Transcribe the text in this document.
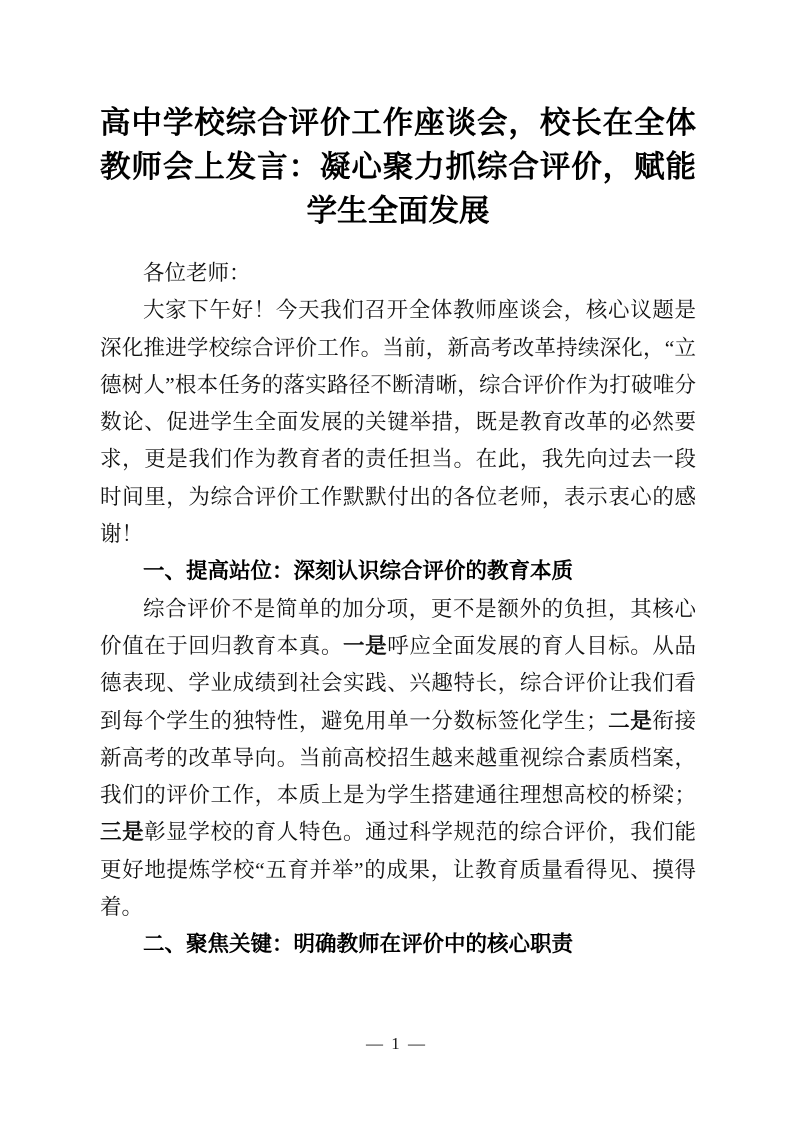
高中学校综合评价工作座谈会，校长在全体教师会上发言：凝心聚力抓综合评价，赋能学生全面发展

各位老师：

大家下午好！今天我们召开全体教师座谈会，核心议题是深化推进学校综合评价工作。当前，新高考改革持续深化，“立德树人”根本任务的落实路径不断清晰，综合评价作为打破唯分数论、促进学生全面发展的关键举措，既是教育改革的必然要求，更是我们作为教育者的责任担当。在此，我先向过去一段时间里，为综合评价工作默默付出的各位老师，表示衷心的感谢！

一、提高站位：深刻认识综合评价的教育本质

综合评价不是简单的加分项，更不是额外的负担，其核心价值在于回归教育本真。一是呼应全面发展的育人目标。从品德表现、学业成绩到社会实践、兴趣特长，综合评价让我们看到每个学生的独特性，避免用单一分数标签化学生；二是衔接新高考的改革导向。当前高校招生越来越重视综合素质档案，我们的评价工作，本质上是为学生搭建通往理想高校的桥梁；三是彰显学校的育人特色。通过科学规范的综合评价，我们能更好地提炼学校“五育并举”的成果，让教育质量看得见、摸得着。

二、聚焦关键：明确教师在评价中的核心职责

— 1 —
